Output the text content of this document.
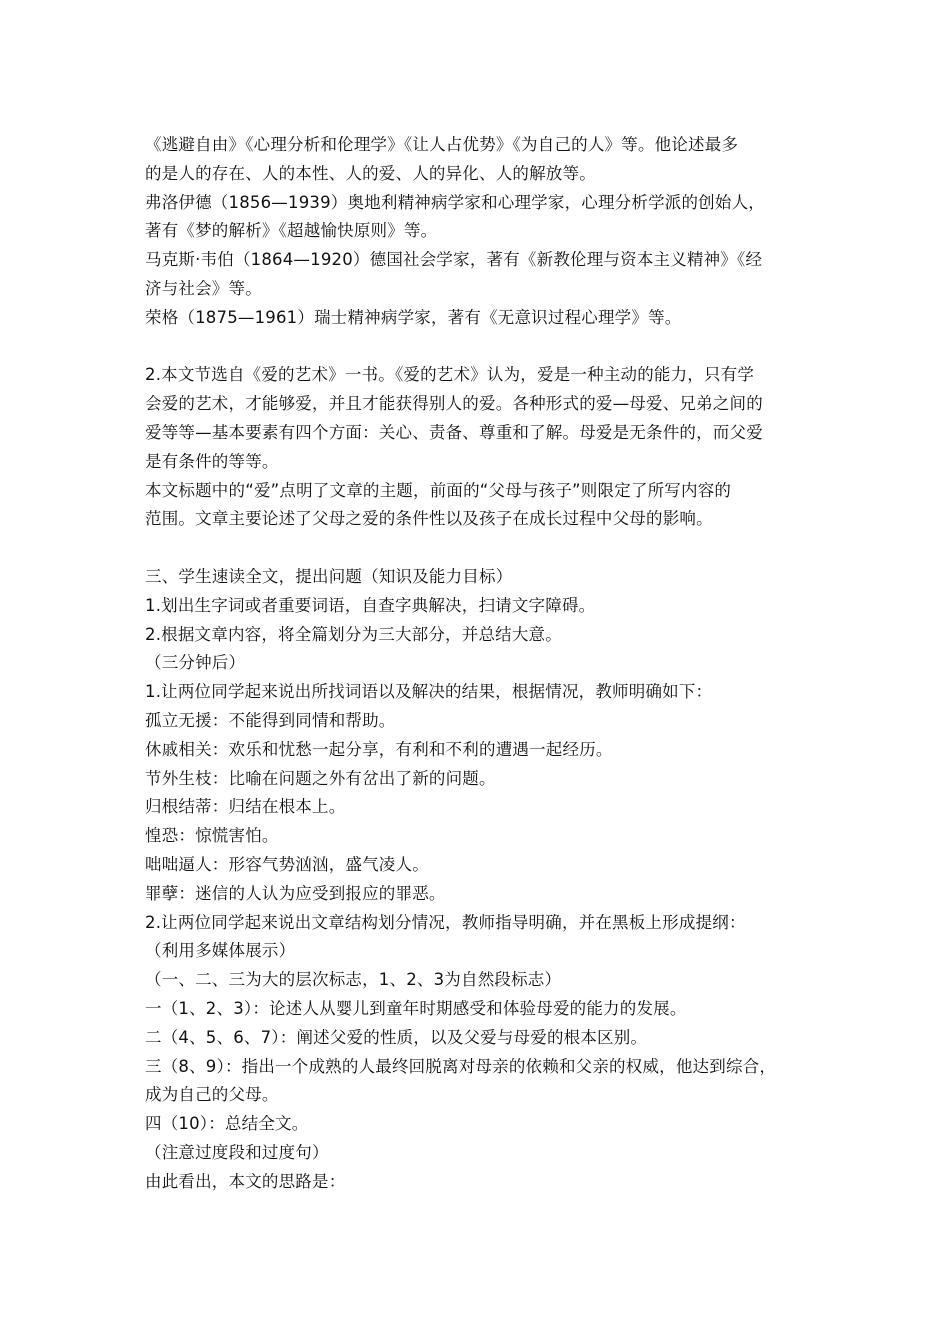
《逃避自由》《心理分析和伦理学》《让人占优势》《为自己的人》等。他论述最多
的是人的存在、人的本性、人的爱、人的异化、人的解放等。
弗洛伊德（1856—1939）奥地利精神病学家和心理学家，心理分析学派的创始人，
著有《梦的解析》《超越愉快原则》等。
马克斯·韦伯（1864—1920）德国社会学家，著有《新教伦理与资本主义精神》《经
济与社会》等。
荣格（1875—1961）瑞士精神病学家，著有《无意识过程心理学》等。
2.本文节选自《爱的艺术》一书。《爱的艺术》认为，爱是一种主动的能力，只有学
会爱的艺术，才能够爱，并且才能获得别人的爱。各种形式的爱—母爱、兄弟之间的
爱等等—基本要素有四个方面：关心、责备、尊重和了解。母爱是无条件的，而父爱
是有条件的等等。
本文标题中的“爱”点明了文章的主题，前面的“父母与孩子”则限定了所写内容的
范围。文章主要论述了父母之爱的条件性以及孩子在成长过程中父母的影响。
三、学生速读全文，提出问题（知识及能力目标）
1.划出生字词或者重要词语，自查字典解决，扫请文字障碍。
2.根据文章内容，将全篇划分为三大部分，并总结大意。
（三分钟后）
1.让两位同学起来说出所找词语以及解决的结果，根据情况，教师明确如下：
孤立无援：不能得到同情和帮助。
休戚相关：欢乐和忧愁一起分享，有利和不利的遭遇一起经历。
节外生枝：比喻在问题之外有岔出了新的问题。
归根结蒂：归结在根本上。
惶恐：惊慌害怕。
咄咄逼人：形容气势汹汹，盛气凌人。
罪孽：迷信的人认为应受到报应的罪恶。
2.让两位同学起来说出文章结构划分情况，教师指导明确，并在黑板上形成提纲：
（利用多媒体展示）
（一、二、三为大的层次标志，1、2、3为自然段标志）
一（1、2、3）：论述人从婴儿到童年时期感受和体验母爱的能力的发展。
二（4、5、6、7）：阐述父爱的性质，以及父爱与母爱的根本区别。
三（8、9）：指出一个成熟的人最终回脱离对母亲的依赖和父亲的权威，他达到综合，
成为自己的父母。
四（10）：总结全文。
（注意过度段和过度句）
由此看出，本文的思路是：
